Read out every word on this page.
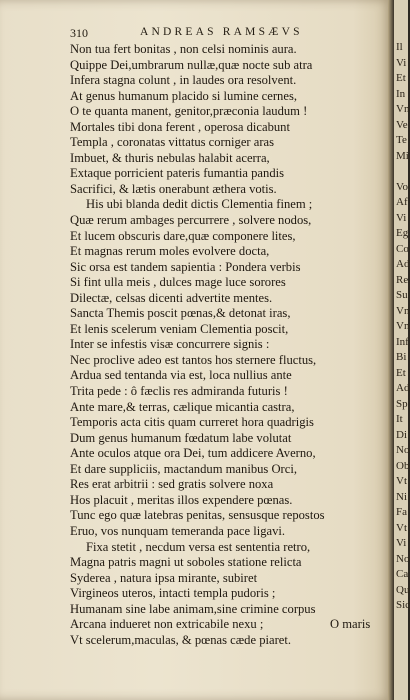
310	ANDREAS RAMSÆVS
Non tua fert bonitas , non celsi nominis aura.
Quippe Dei,umbrarum nullæ,quæ nocte sub atra
Infera stagna colunt , in laudes ora resolvent.
At genus humanum placido si lumine cernes,
O te quanta manent, genitor,præconia laudum !
Mortales tibi dona ferent , operosa dicabunt
Templa , coronatas vittatus corniger aras
Imbuet, & thuris nebulas halabit acerra,
Extaque porricient pateris fumantia pandis
Sacrifici, & lætis onerabunt æthera votis.
His ubi blanda dedit dictis Clementia finem ;
Quæ rerum ambages percurrere , solvere nodos,
Et lucem obscuris dare,quæ componere lites,
Et magnas rerum moles evolvere docta,
Sic orsa est tandem sapientia : Pondera verbis
Si fint ulla meis , dulces mage luce sorores
Dilectæ, celsas dicenti advertite mentes.
Sancta Themis poscit pœnas,& detonat iras,
Et lenis scelerum veniam Clementia poscit,
Inter se infestis visæ concurrere signis :
Nec proclive adeo est tantos hos sternere fluctus,
Ardua sed tentanda via est, loca nullius ante
Trita pede : ô fæclis res admiranda futuris !
Ante mare,& terras, cælique micantia castra,
Temporis acta citis quam curreret hora quadrigis
Dum genus humanum fœdatum labe volutat
Ante oculos atque ora Dei, tum addicere Averno,
Et dare suppliciis, mactandum manibus Orci,
Res erat arbitrii : sed gratis solvere noxa
Hos placuit , meritas illos expendere pœnas.
Tunc ego quæ latebras penitas, sensusque repostos
Eruo, vos nunquam temeranda pace ligavi.
Fixa stetit , necdum versa est sententia retro,
Magna patris magni ut soboles statione relicta
Syderea , natura ipsa mirante, subiret
Virgineos uteros, intacti templa pudoris ;
Humanam sine labe animam,sine crimine corpus
Arcana indueret non extricabile nexu ;
Vt scelerum,maculas, & pœnas cæde piaret.
O maris
Il
Vi
Et
In
Vn
Ve
Te
Mi

Vo
Af
Vi
Eg
Co
Ad
Re
Su
Vn
Vn
Inf
Bi
Et
Ad
Sp
It
Di
No
Ob
Vt
Ni
Fa
Vt
Vi
No
Ca
Qu
Sic
